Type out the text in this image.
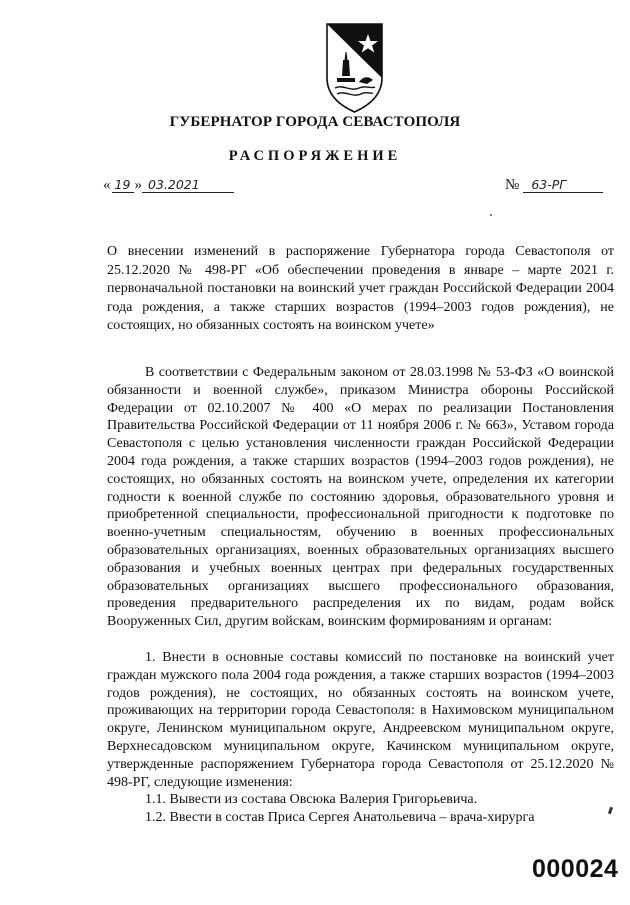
ГУБЕРНАТОР ГОРОДА СЕВАСТОПОЛЯ
РАСПОРЯЖЕНИЕ
« 19 » 03.2021	№ 63-РГ
О внесении изменений в распоряжение Губернатора города Севастополя от 25.12.2020 № 498-РГ «Об обеспечении проведения в январе – марте 2021 г. первоначальной постановки на воинский учет граждан Российской Федерации 2004 года рождения, а также старших возрастов (1994–2003 годов рождения), не состоящих, но обязанных состоять на воинском учете»

В соответствии с Федеральным законом от 28.03.1998 № 53-ФЗ «О воинской обязанности и военной службе», приказом Министра обороны Российской Федерации от 02.10.2007 № 400 «О мерах по реализации Постановления Правительства Российской Федерации от 11 ноября 2006 г. № 663», Уставом города Севастополя с целью установления численности граждан Российской Федерации 2004 года рождения, а также старших возрастов (1994–2003 годов рождения), не состоящих, но обязанных состоять на воинском учете, определения их категории годности к военной службе по состоянию здоровья, образовательного уровня и приобретенной специальности, профессиональной пригодности к подготовке по военно-учетным специальностям, обучению в военных профессиональных образовательных организациях, военных образовательных организациях высшего образования и учебных военных центрах при федеральных государственных образовательных организациях высшего профессионального образования, проведения предварительного распределения их по видам, родам войск Вооруженных Сил, другим войскам, воинским формированиям и органам:

1. Внести в основные составы комиссий по постановке на воинский учет граждан мужского пола 2004 года рождения, а также старших возрастов (1994–2003 годов рождения), не состоящих, но обязанных состоять на воинском учете, проживающих на территории города Севастополя: в Нахимовском муниципальном округе, Ленинском муниципальном округе, Андреевском муниципальном округе, Верхнесадовском муниципальном округе, Качинском муниципальном округе, утвержденные распоряжением Губернатора города Севастополя от 25.12.2020 № 498-РГ, следующие изменения:

1.1. Вывести из состава Овсюка Валерия Григорьевича.

1.2. Ввести в состав Приса Сергея Анатольевича – врача-хирурга

000024
